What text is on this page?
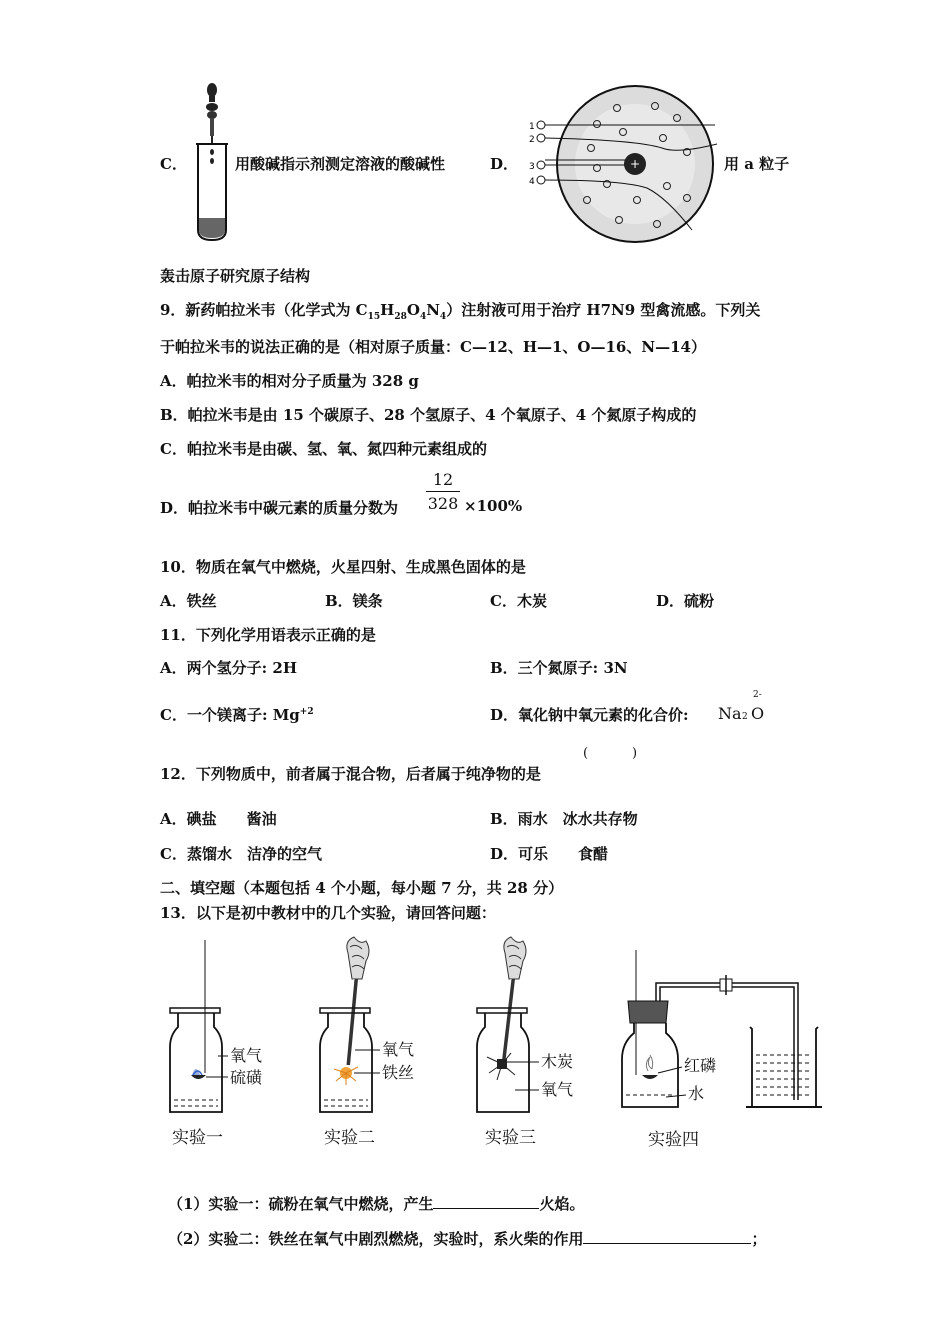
C．	用酸碱指示剂测定溶液的酸碱性	D．	+
1
2
3
4
用 a 粒子
轰击原子研究原子结构
9．新药帕拉米韦（化学式为 $C_{15}H_{28}O_4N_4$）注射液可用于治疗 H7N9 型禽流感。下列关
于帕拉米韦的说法正确的是（相对原子质量：C—12、H—1、O—16、N—14）
A．帕拉米韦的相对分子质量为 328 g
B．帕拉米韦是由 15 个碳原子、28 个氢原子、4 个氧原子、4 个氮原子构成的
C．帕拉米韦是由碳、氢、氧、氮四种元素组成的
D．帕拉米韦中碳元素的质量分数为
12
328 ×100%
10．物质在氧气中燃烧，火星四射、生成黑色固体的是
A．铁丝	B．镁条	C．木炭	D．硫粉
11．下列化学用语表示正确的是
A．两个氢分子: 2H	B．三个氮原子: 3N
C．一个镁离子: $Mg^{+2}$	D．氧化钠中氧元素的化合价: Na 2
2-
O
12．下列物质中，前者属于混合物，后者属于纯净物的是
(	)
A．碘盐　　酱油	B．雨水　冰水共存物
C．蒸馏水　洁净的空气	D．可乐　　食醋
二、填空题（本题包括 4 个小题，每小题 7 分，共 28 分）
13．以下是初中教材中的几个实验，请回答问题：
氧气
硫磺
实验一
氧气
铁丝
实验二
木炭
氧气
实验三
红磷
水
实验四
（1）实验一：硫粉在氧气中燃烧，产生	火焰。
（2）实验二：铁丝在氧气中剧烈燃烧，实验时，系火柴的作用	；
